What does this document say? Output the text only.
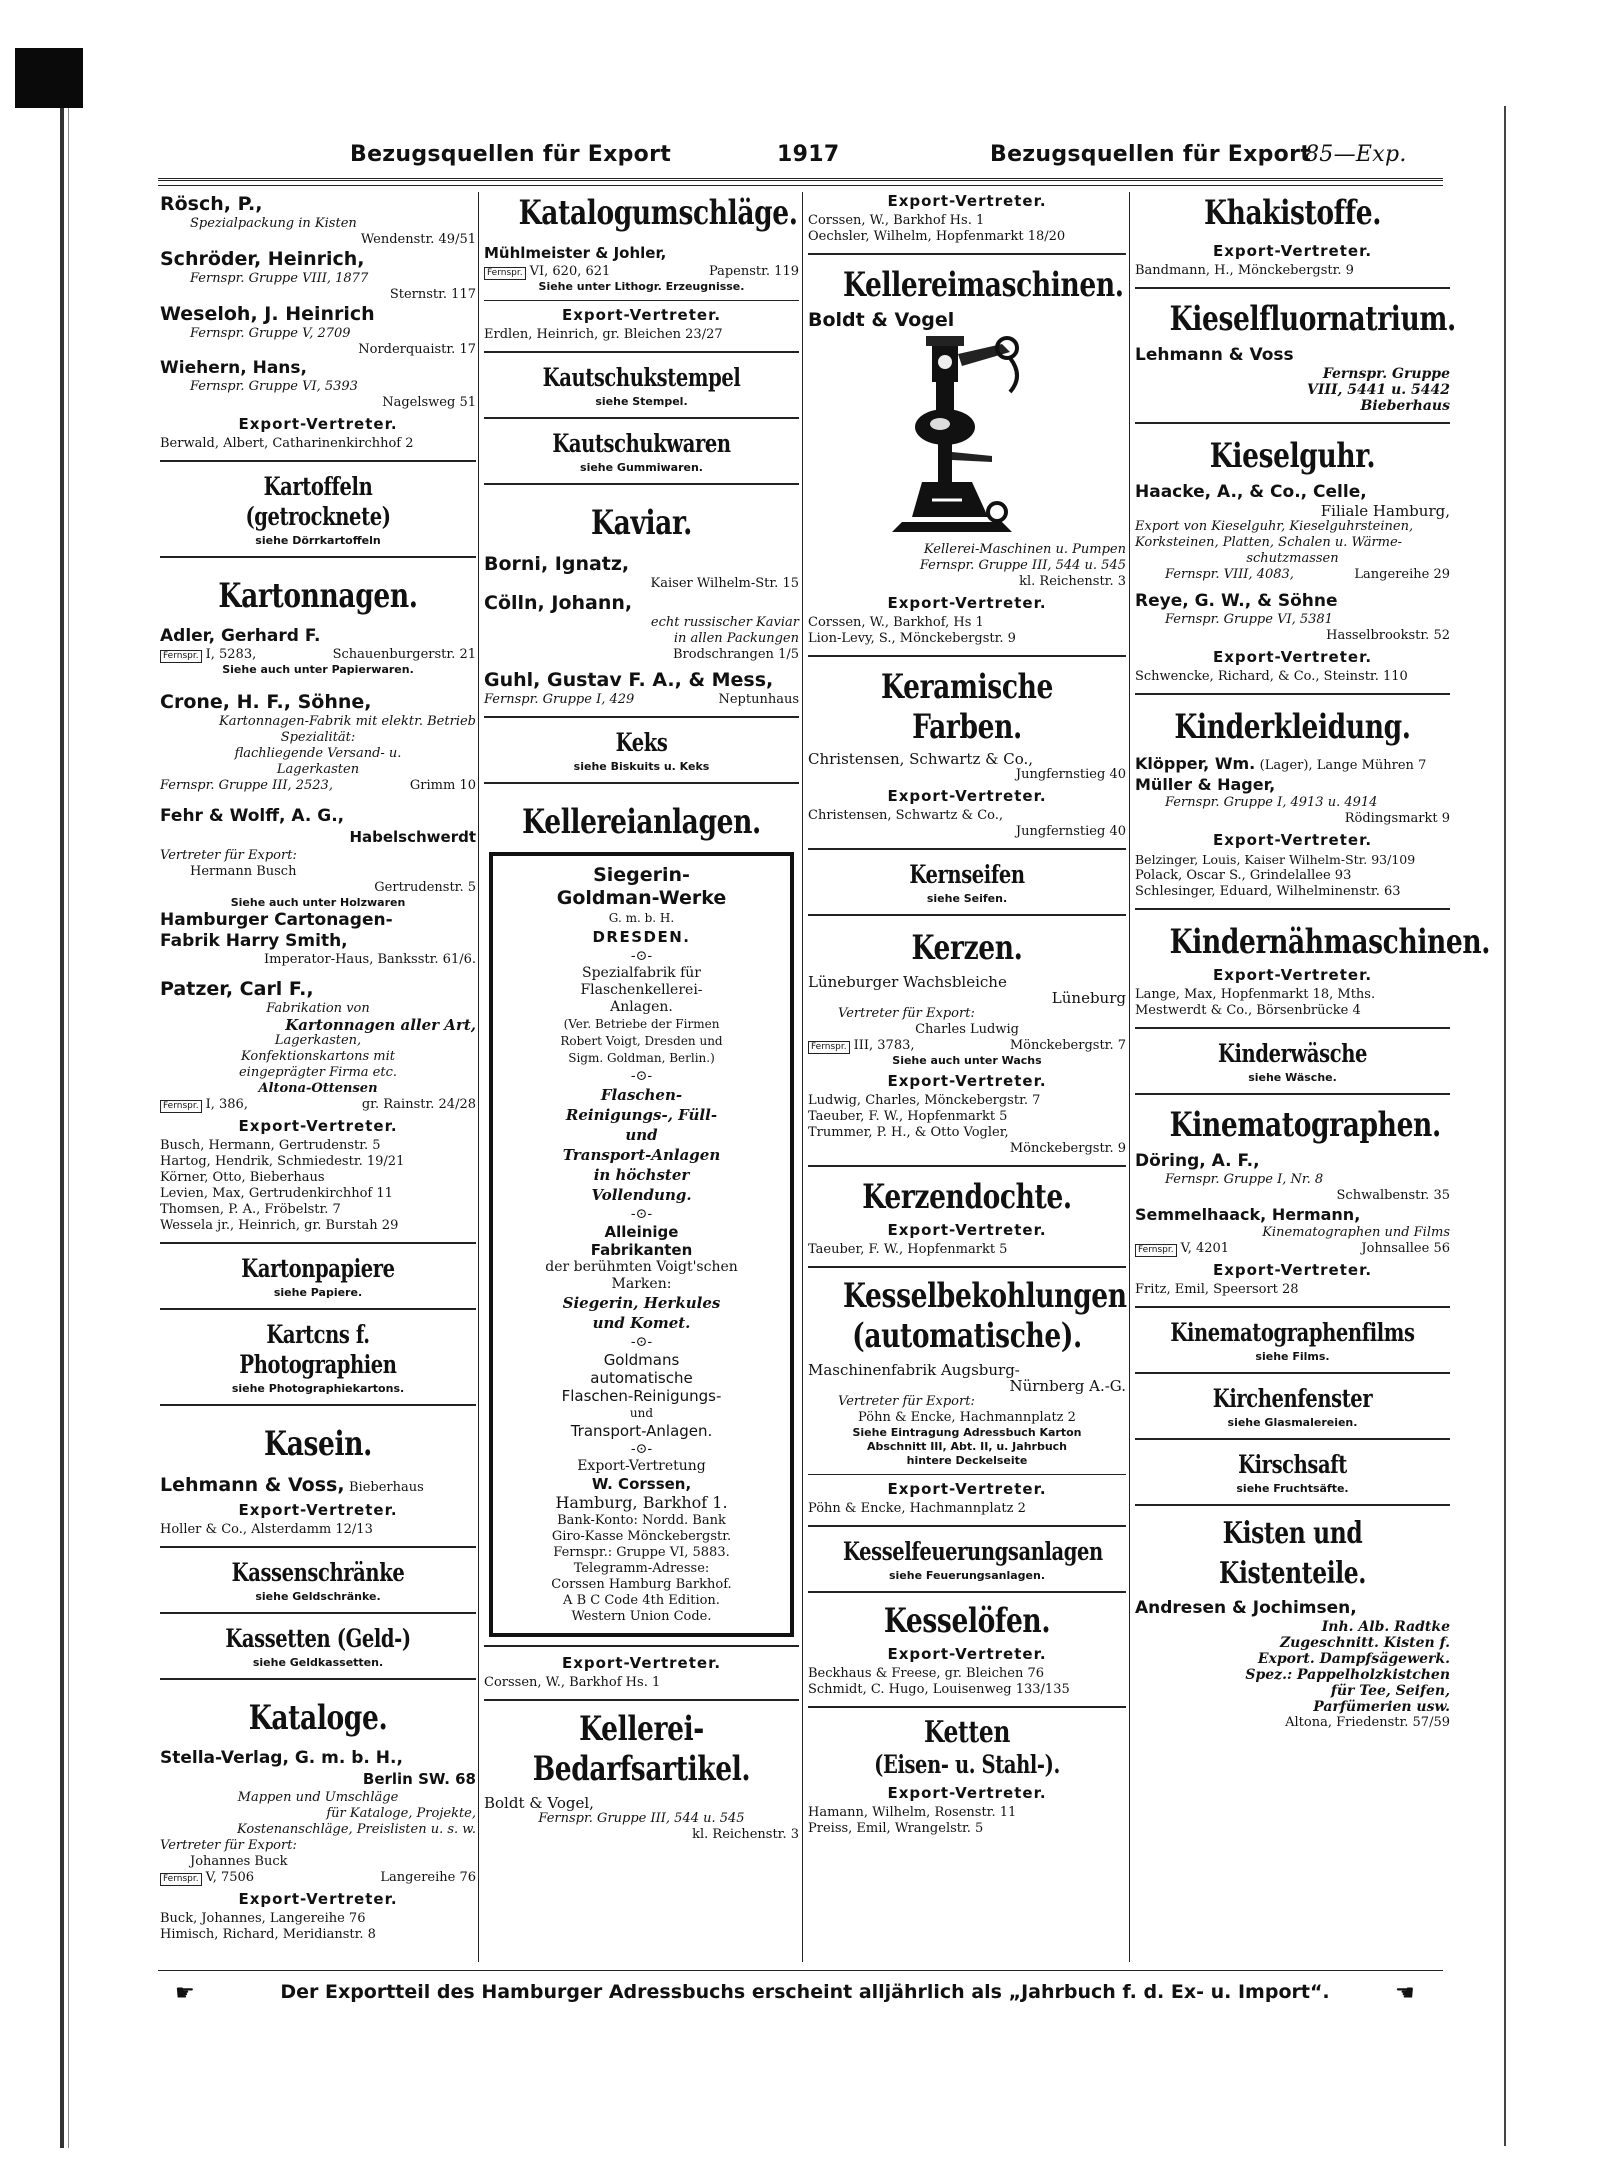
Bezugsquellen für Export	1917	Bezugsquellen für Export
85—Exp.
Rösch, P.,
Spezialpackung in Kisten
Wendenstr. 49/51
Schröder, Heinrich,
Fernspr. Gruppe VIII, 1877
Sternstr. 117
Weseloh, J. Heinrich
Fernspr. Gruppe V, 2709
Norderquaistr. 17
Wiehern, Hans,
Fernspr. Gruppe VI, 5393
Nagelsweg 51
Export-Vertreter.
Berwald, Albert, Catharinenkirchhof 2
Kartoffeln (getrocknete)
siehe Dörrkartoffeln
Kartonnagen.
Adler, Gerhard F.
Fernspr. I, 5283,	Schauenburgerstr. 21
Siehe auch unter Papierwaren.
Crone, H. F., Söhne,
Kartonnagen-Fabrik mit elektr. Betrieb
Spezialität:
flachliegende Versand- u.
Lagerkasten
Fernspr. Gruppe III, 2523,	Grimm 10
Fehr & Wolff, A. G.,
Habelschwerdt
Vertreter für Export:
Hermann Busch
Gertrudenstr. 5
Siehe auch unter Holzwaren
Hamburger Cartonagen-
Fabrik Harry Smith,
Imperator-Haus, Banksstr. 61/6.
Patzer, Carl F.,
Fabrikation von
Kartonnagen aller Art,
Lagerkasten,
Konfektionskartons mit
eingeprägter Firma etc.
Altona-Ottensen
Fernspr. I, 386,	gr. Rainstr. 24/28
Export-Vertreter.
Busch, Hermann, Gertrudenstr. 5
Hartog, Hendrik, Schmiedestr. 19/21
Körner, Otto, Bieberhaus
Levien, Max, Gertrudenkirchhof 11
Thomsen, P. A., Fröbelstr. 7
Wessela jr., Heinrich, gr. Burstah 29
Kartonpapiere
siehe Papiere.
Kartcns f. Photographien
siehe Photographiekartons.
Kasein.
Lehmann & Voss, Bieberhaus
Export-Vertreter.
Holler & Co., Alsterdamm 12/13
Kassenschränke
siehe Geldschränke.
Kassetten (Geld-)
siehe Geldkassetten.
Kataloge.
Stella-Verlag, G. m. b. H.,
Berlin SW. 68
Mappen und Umschläge
für Kataloge, Projekte,
Kostenanschläge, Preislisten u. s. w.
Vertreter für Export:
Johannes Buck
Fernspr. V, 7506	Langereihe 76
Export-Vertreter.
Buck, Johannes, Langereihe 76
Himisch, Richard, Meridianstr. 8
Katalogumschläge.
Mühlmeister & Johler,
Fernspr. VI, 620, 621	Papenstr. 119
Siehe unter Lithogr. Erzeugnisse.
Export-Vertreter.
Erdlen, Heinrich, gr. Bleichen 23/27
Kautschukstempel
siehe Stempel.
Kautschukwaren
siehe Gummiwaren.
Kaviar.
Borni, Ignatz,
Kaiser Wilhelm-Str. 15
Cölln, Johann,
echt russischer Kaviar
in allen Packungen
Brodschrangen 1/5
Guhl, Gustav F. A., & Mess,
Fernspr. Gruppe I, 429	Neptunhaus
Keks
siehe Biskuits u. Keks
Kellereianlagen.
Siegerin-
Goldman-Werke
G. m. b. H.
DRESDEN.
-⊙-
Spezialfabrik für
Flaschenkellerei-
Anlagen.
(Ver. Betriebe der Firmen
Robert Voigt, Dresden und
Sigm. Goldman, Berlin.)
-⊙-
Flaschen-
Reinigungs-, Füll-
und
Transport-Anlagen
in höchster
Vollendung.
-⊙-
Alleinige
Fabrikanten
der berühmten Voigt'schen
Marken:
Siegerin, Herkules
und Komet.
-⊙-
Goldmans
automatische
Flaschen-Reinigungs-
und
Transport-Anlagen.
-⊙-
Export-Vertretung
W. Corssen,
Hamburg, Barkhof 1.
Bank-Konto: Nordd. Bank
Giro-Kasse Mönckebergstr.
Fernspr.: Gruppe VI, 5883.
Telegramm-Adresse:
Corssen Hamburg Barkhof.
A B C Code 4th Edition.
Western Union Code.
Export-Vertreter.
Corssen, W., Barkhof Hs. 1
Kellerei-Bedarfsartikel.
Boldt & Vogel,
Fernspr. Gruppe III, 544 u. 545
kl. Reichenstr. 3
Export-Vertreter.
Corssen, W., Barkhof Hs. 1
Oechsler, Wilhelm, Hopfenmarkt 18/20
Kellereimaschinen.
Boldt & Vogel
Kellerei-Maschinen u. Pumpen
Fernspr. Gruppe III, 544 u. 545
kl. Reichenstr. 3
Export-Vertreter.
Corssen, W., Barkhof, Hs 1
Lion-Levy, S., Mönckebergstr. 9
Keramische Farben.
Christensen, Schwartz & Co.,
Jungfernstieg 40
Export-Vertreter.
Christensen, Schwartz & Co.,
Jungfernstieg 40
Kernseifen
siehe Seifen.
Kerzen.
Lüneburger Wachsbleiche
Lüneburg
Vertreter für Export:
Charles Ludwig
Fernspr. III, 3783,	Mönckebergstr. 7
Siehe auch unter Wachs
Export-Vertreter.
Ludwig, Charles, Mönckebergstr. 7
Taeuber, F. W., Hopfenmarkt 5
Trummer, P. H., & Otto Vogler,
Mönckebergstr. 9
Kerzendochte.
Export-Vertreter.
Taeuber, F. W., Hopfenmarkt 5
Kesselbekohlungen
(automatische).
Maschinenfabrik Augsburg-
Nürnberg A.-G.
Vertreter für Export:
Pöhn & Encke, Hachmannplatz 2
Siehe Eintragung Adressbuch Karton
Abschnitt III, Abt. II, u. Jahrbuch
hintere Deckelseite
Export-Vertreter.
Pöhn & Encke, Hachmannplatz 2
Kesselfeuerungsanlagen
siehe Feuerungsanlagen.
Kesselöfen.
Export-Vertreter.
Beckhaus & Freese, gr. Bleichen 76
Schmidt, C. Hugo, Louisenweg 133/135
Ketten
(Eisen- u. Stahl-).
Export-Vertreter.
Hamann, Wilhelm, Rosenstr. 11
Preiss, Emil, Wrangelstr. 5
Khakistoffe.
Export-Vertreter.
Bandmann, H., Mönckebergstr. 9
Kieselfluornatrium.
Lehmann & Voss
Fernspr. Gruppe
VIII, 5441 u. 5442
Bieberhaus
Kieselguhr.
Haacke, A., & Co., Celle,
Filiale Hamburg,
Export von Kieselguhr, Kieselguhrsteinen,
Korksteinen, Platten, Schalen u. Wärme-
schutzmassen
Fernspr. VIII, 4083,	Langereihe 29
Reye, G. W., & Söhne
Fernspr. Gruppe VI, 5381
Hasselbrookstr. 52
Export-Vertreter.
Schwencke, Richard, & Co., Steinstr. 110
Kinderkleidung.
Klöpper, Wm. (Lager), Lange Mühren 7
Müller & Hager,
Fernspr. Gruppe I, 4913 u. 4914
Rödingsmarkt 9
Export-Vertreter.
Belzinger, Louis, Kaiser Wilhelm-Str. 93/109
Polack, Oscar S., Grindelallee 93
Schlesinger, Eduard, Wilhelminenstr. 63
Kindernähmaschinen.
Export-Vertreter.
Lange, Max, Hopfenmarkt 18, Mths.
Mestwerdt & Co., Börsenbrücke 4
Kinderwäsche
siehe Wäsche.
Kinematographen.
Döring, A. F.,
Fernspr. Gruppe I, Nr. 8
Schwalbenstr. 35
Semmelhaack, Hermann,
Kinematographen und Films
Fernspr. V, 4201	Johnsallee 56
Export-Vertreter.
Fritz, Emil, Speersort 28
Kinematographenfilms
siehe Films.
Kirchenfenster
siehe Glasmalereien.
Kirschsaft
siehe Fruchtsäfte.
Kisten und Kistenteile.
Andresen & Jochimsen,
Inh. Alb. Radtke
Zugeschnitt. Kisten f.
Export. Dampfsägewerk.
Spez.: Pappelholzkistchen
für Tee, Seifen,
Parfümerien usw.
Altona, Friedenstr. 57/59
☛	Der Exportteil des Hamburger Adressbuchs erscheint alljährlich als „Jahrbuch f. d. Ex- u. Import“.	☛
